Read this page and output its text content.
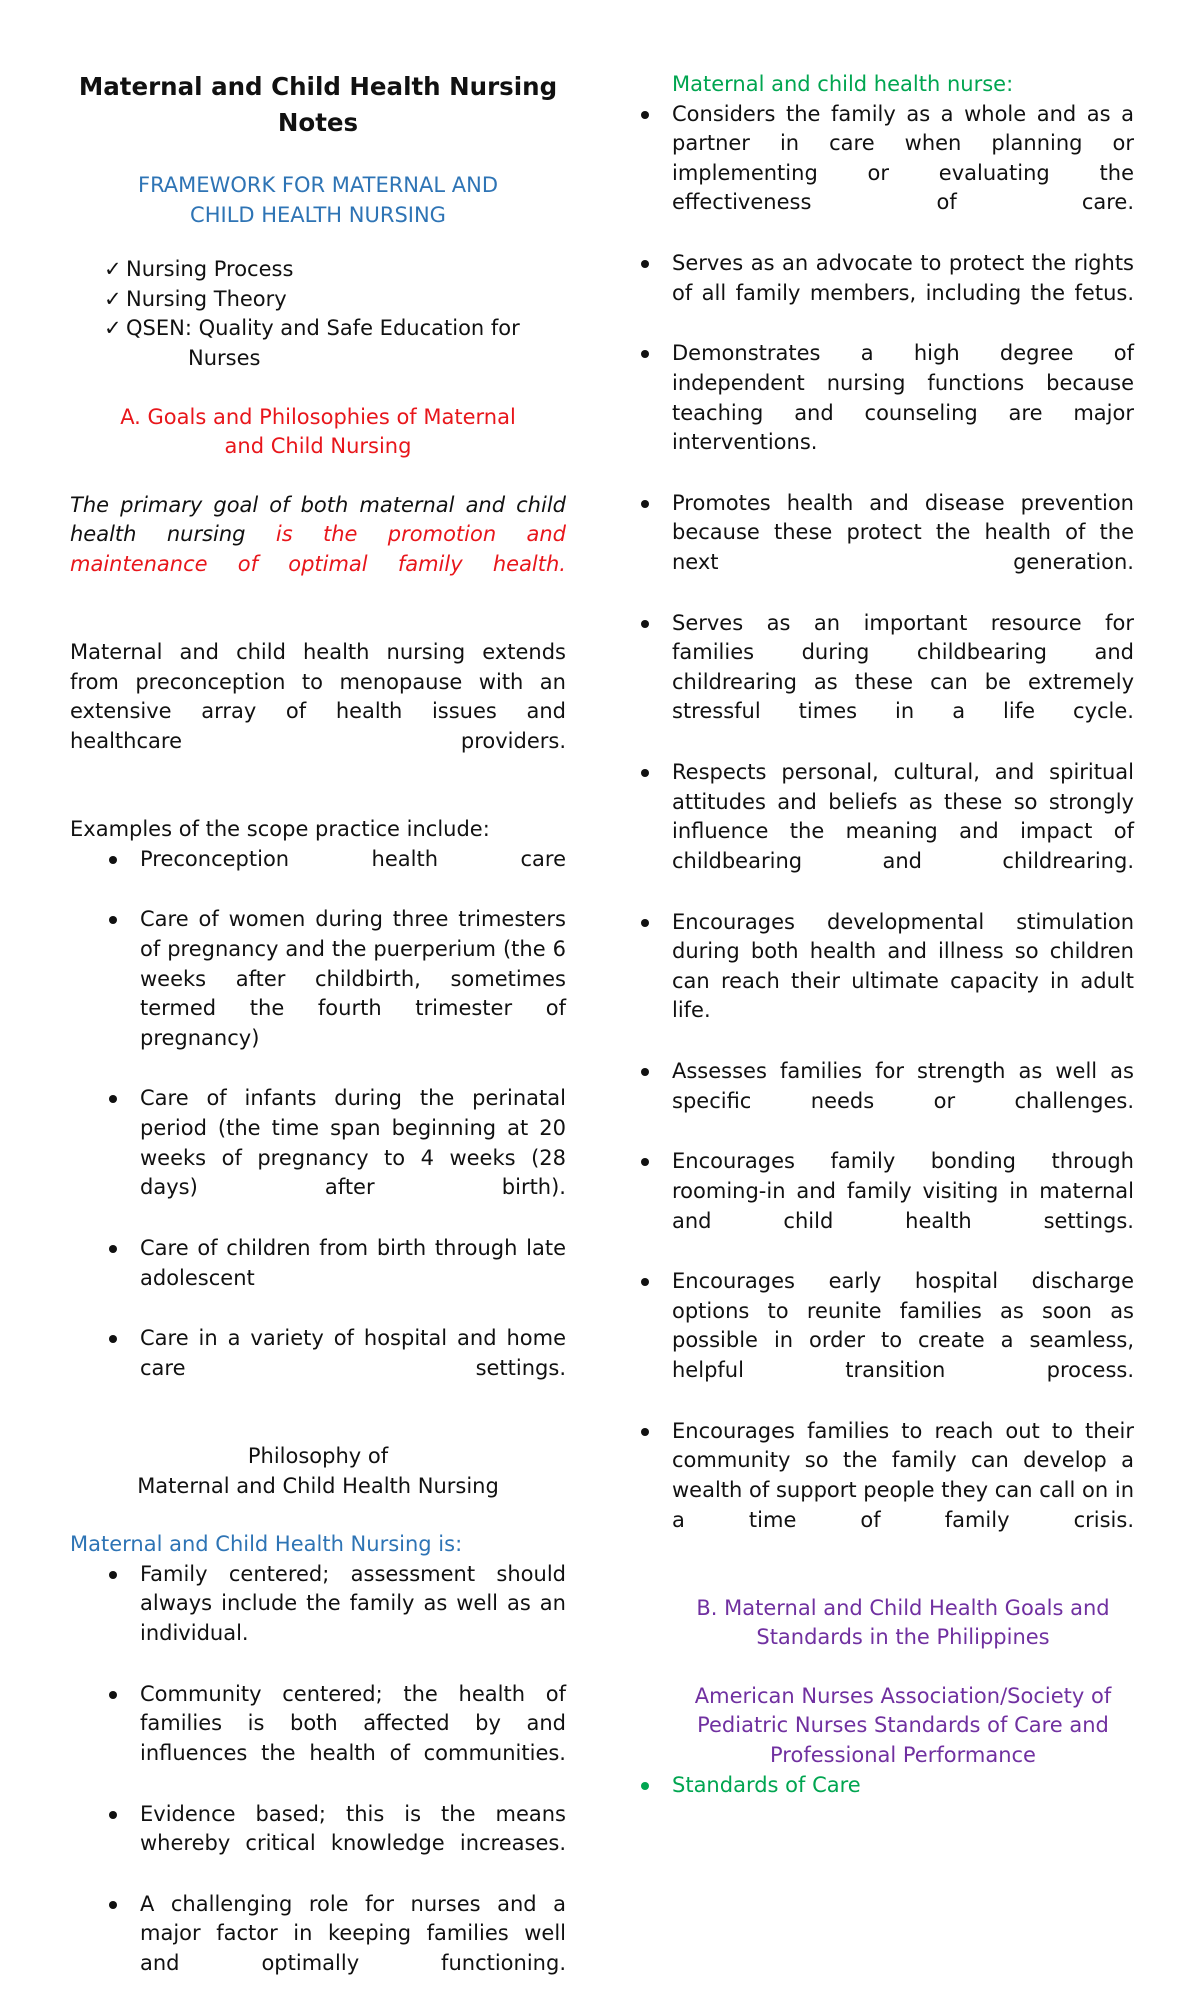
Maternal and Child Health Nursing
Notes

FRAMEWORK FOR MATERNAL AND
CHILD HEALTH NURSING

✓ Nursing Process
✓ Nursing Theory
✓ QSEN: Quality and Safe Education for

Nurses

A. Goals and Philosophies of Maternal
and Child Nursing

The primary goal of both maternal and child health nursing is the promotion and maintenance of optimal family health.

Maternal and child health nursing extends from preconception to menopause with an extensive array of health issues and healthcare providers.

Examples of the scope practice include:

Preconception health care
Care of women during three trimesters of pregnancy and the puerperium (the 6 weeks after childbirth, sometimes termed the fourth trimester of pregnancy)
Care of infants during the perinatal period (the time span beginning at 20 weeks of pregnancy to 4 weeks (28 days) after birth).
Care of children from birth through late adolescent
Care in a variety of hospital and home care settings.

Philosophy of
Maternal and Child Health Nursing

Maternal and Child Health Nursing is:

Family centered; assessment should always include the family as well as an individual.
Community centered; the health of families is both affected by and influences the health of communities.
Evidence based; this is the means whereby critical knowledge increases.
A challenging role for nurses and a major factor in keeping families well and optimally functioning.

Maternal and child health nurse:

Considers the family as a whole and as a partner in care when planning or implementing or evaluating the effectiveness of care.
Serves as an advocate to protect the rights of all family members, including the fetus.
Demonstrates a high degree of independent nursing functions because teaching and counseling are major interventions.
Promotes health and disease prevention because these protect the health of the next generation.
Serves as an important resource for families during childbearing and childrearing as these can be extremely stressful times in a life cycle.
Respects personal, cultural, and spiritual attitudes and beliefs as these so strongly influence the meaning and impact of childbearing and childrearing.
Encourages developmental stimulation during both health and illness so children can reach their ultimate capacity in adult life.
Assesses families for strength as well as specific needs or challenges.
Encourages family bonding through rooming-in and family visiting in maternal and child health settings.
Encourages early hospital discharge options to reunite families as soon as possible in order to create a seamless, helpful transition process.
Encourages families to reach out to their community so the family can develop a wealth of support people they can call on in a time of family crisis.

B. Maternal and Child Health Goals and
Standards in the Philippines

American Nurses Association/Society of
Pediatric Nurses Standards of Care and
Professional Performance

Standards of Care
